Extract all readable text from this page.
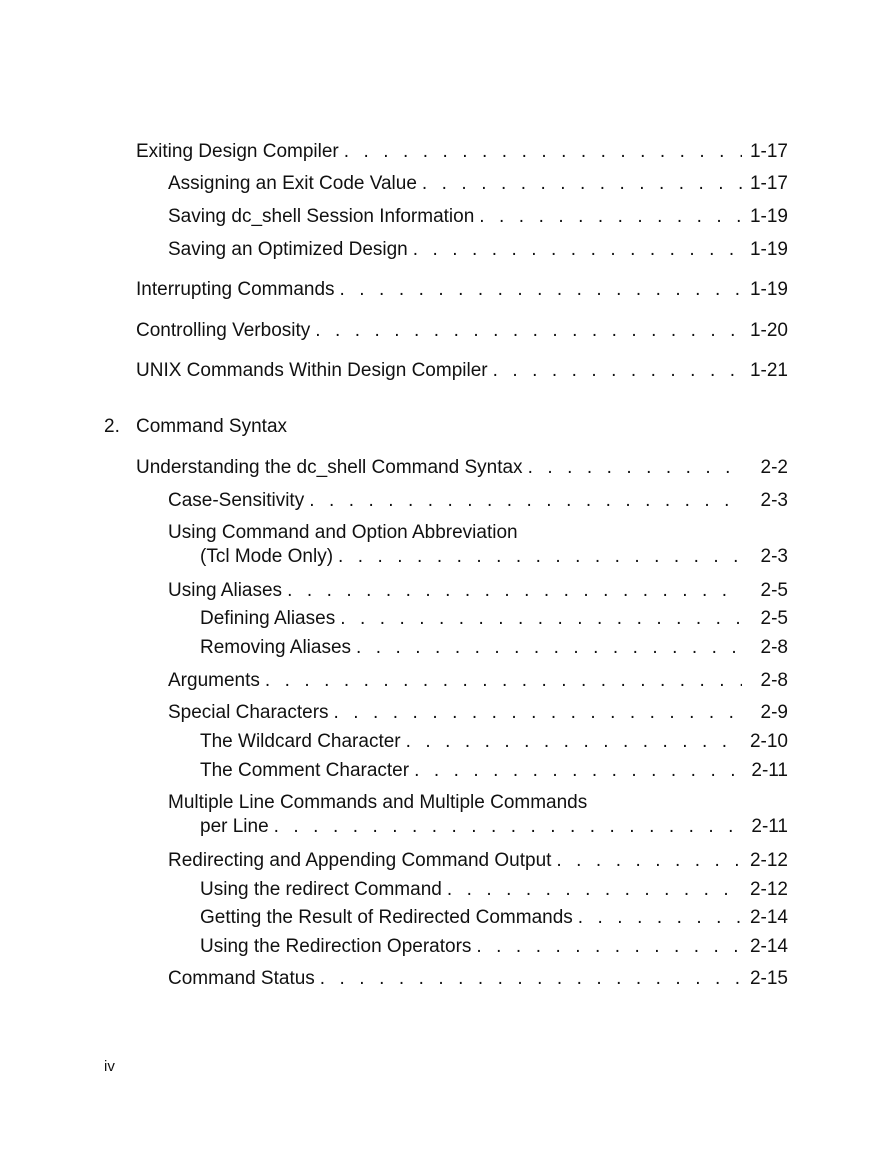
Exiting Design Compiler . . .	1-17
Assigning an Exit Code Value . . .	1-17
Saving dc_shell Session Information . . .	1-19
Saving an Optimized Design . . .	1-19
Interrupting Commands . . .	1-19
Controlling Verbosity . . .	1-20
UNIX Commands Within Design Compiler . . .	1-21
2. Command Syntax
Understanding the dc_shell Command Syntax . . .	2-2
Case-Sensitivity . . .	2-3
Using Command and Option Abbreviation
(Tcl Mode Only) . . .	2-3
Using Aliases . . .	2-5
Defining Aliases . . .	2-5
Removing Aliases . . .	2-8
Arguments . . .	2-8
Special Characters . . .	2-9
The Wildcard Character . . .	2-10
The Comment Character . . .	2-11
Multiple Line Commands and Multiple Commands
per Line . . .	2-11
Redirecting and Appending Command Output . . .	2-12
Using the redirect Command . . .	2-12
Getting the Result of Redirected Commands . . .	2-14
Using the Redirection Operators . . .	2-14
Command Status . . .	2-15
iv
